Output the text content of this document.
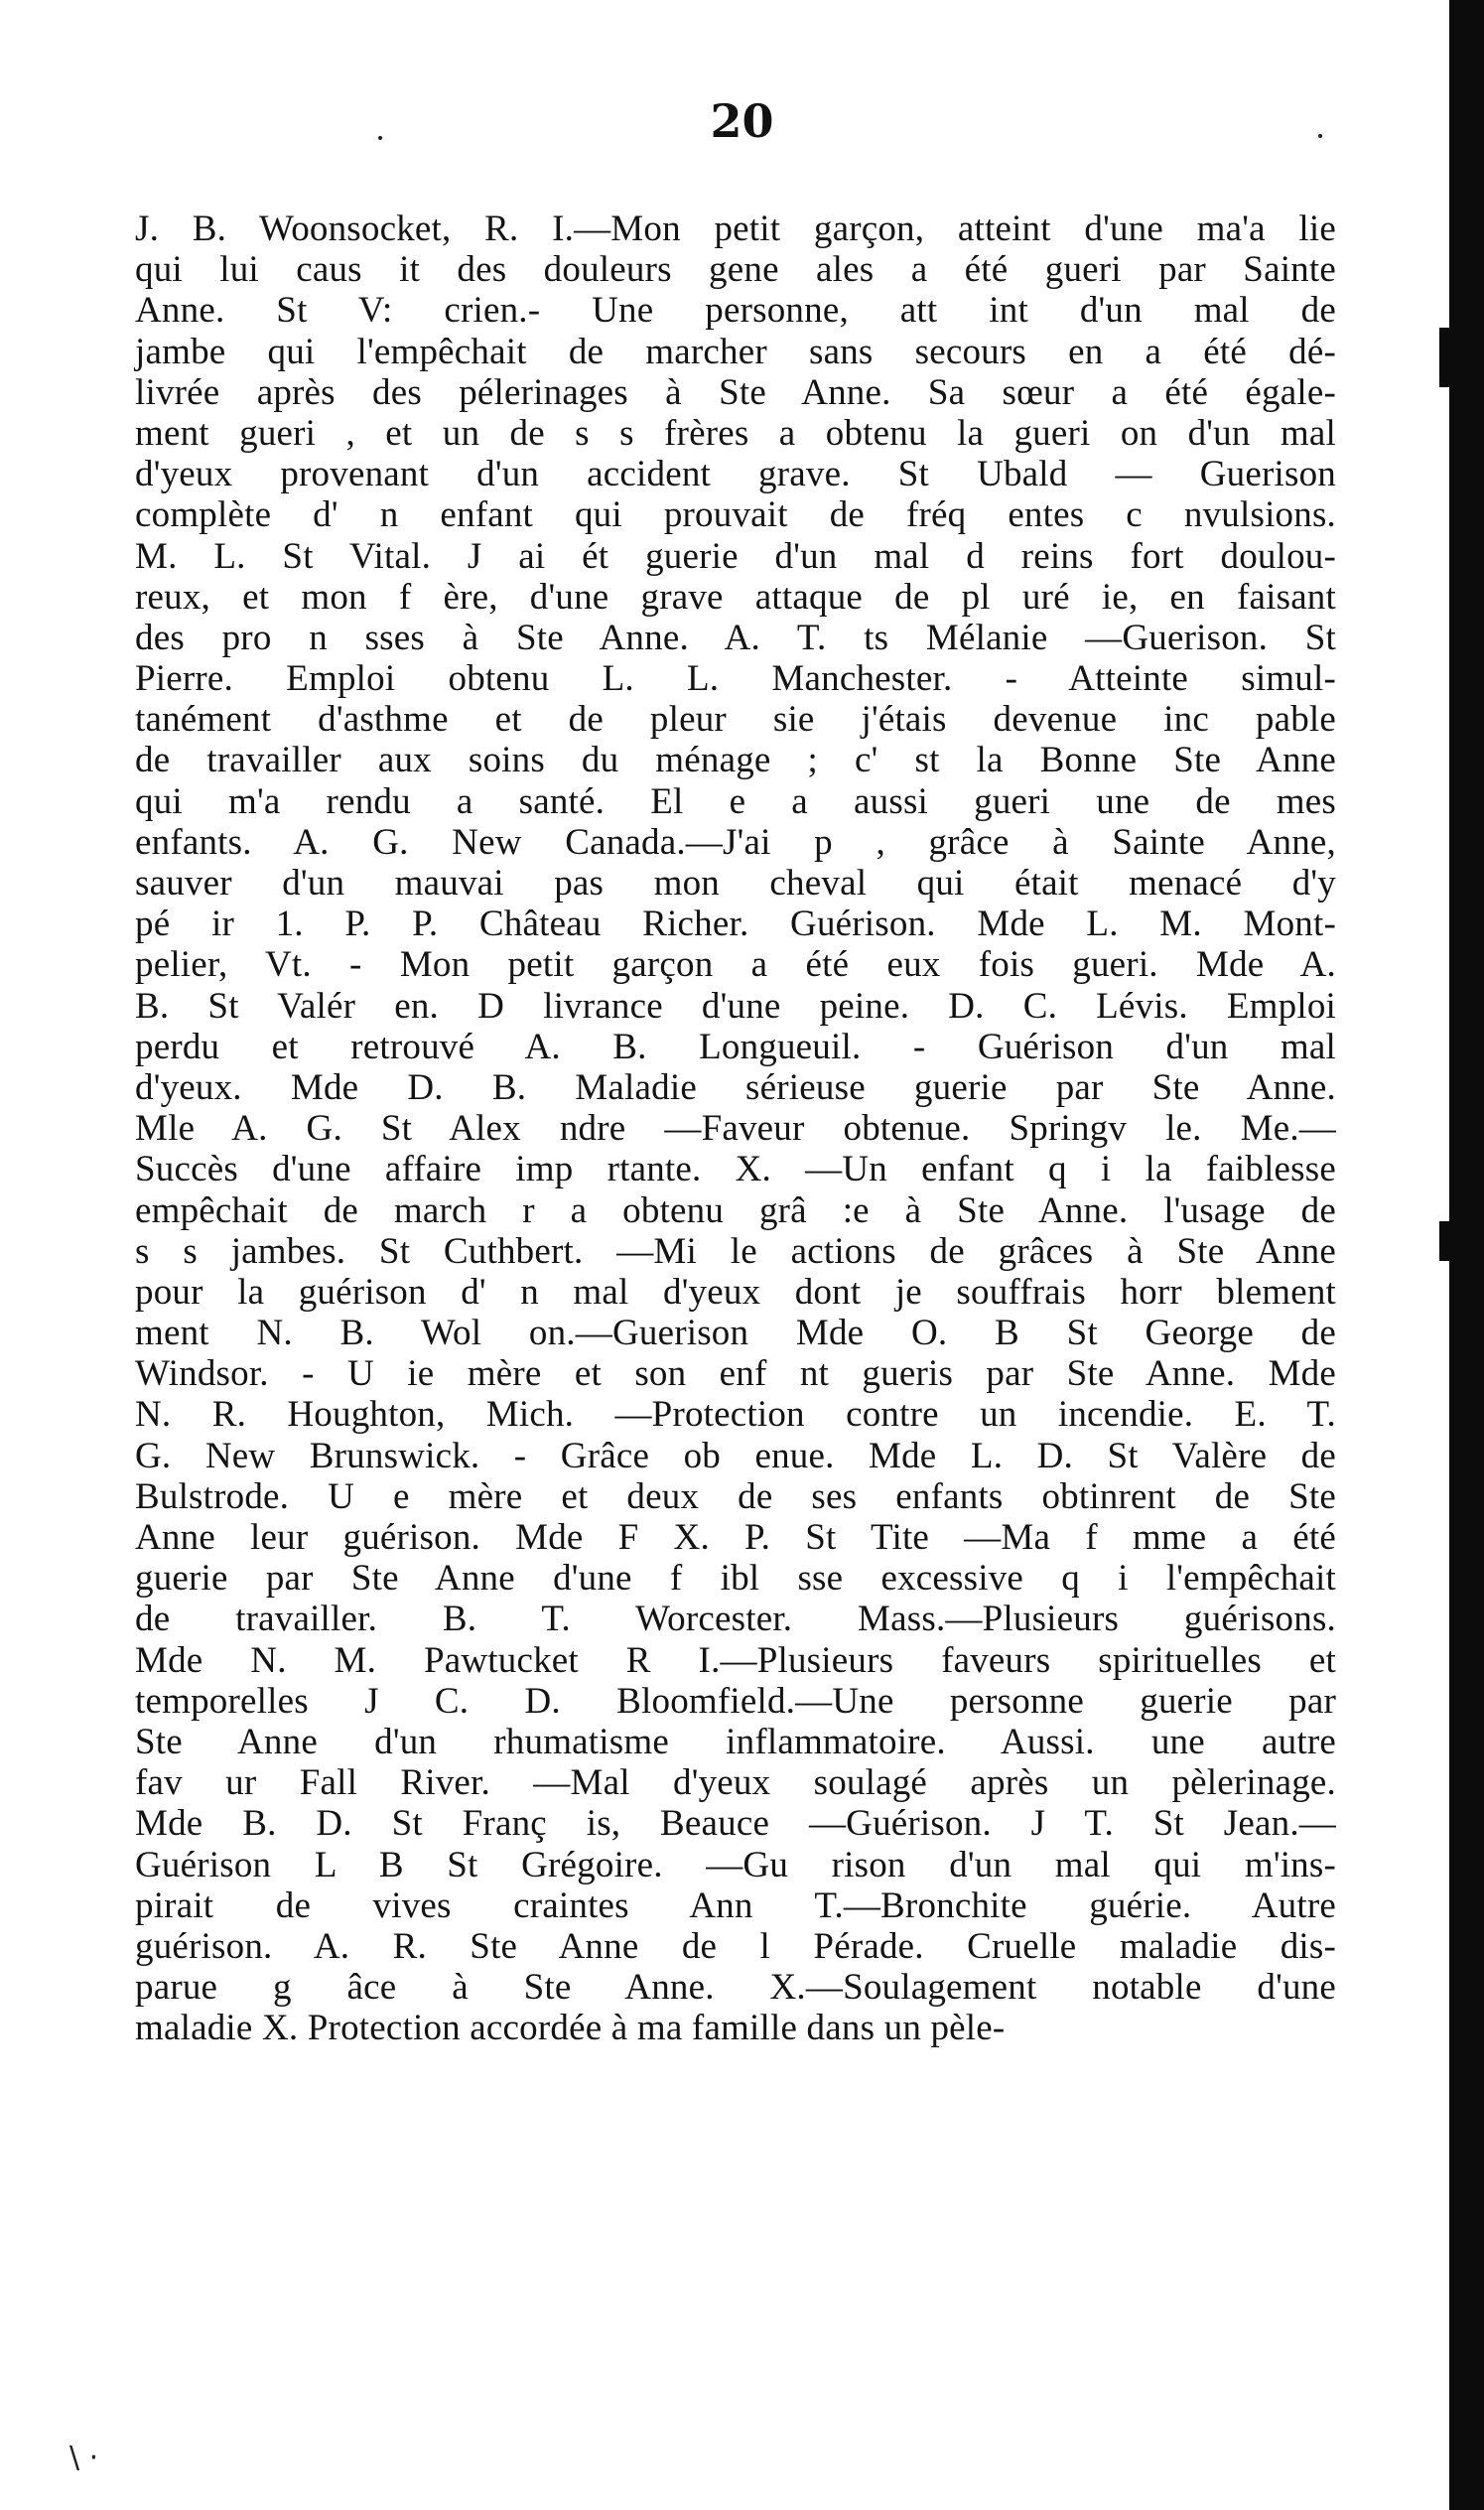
·	20	·
J. B. Woonsocket, R. I.—Mon petit garçon, atteint d'une ma'a lie
qui lui caus it des douleurs gene ales a été gueri par Sainte
Anne. St V: crien.- Une personne, att int d'un mal de
jambe qui l'empêchait de marcher sans secours en a été dé-
livrée après des pélerinages à Ste Anne. Sa sœur a été égale-
ment gueri , et un de s s frères a obtenu la gueri on d'un mal
d'yeux provenant d'un accident grave. St Ubald — Guerison
complète d' n enfant qui prouvait de fréq entes c nvulsions.
M. L. St Vital. J ai ét guerie d'un mal d reins fort doulou-
reux, et mon f ère, d'une grave attaque de pl uré ie, en faisant
des pro n sses à Ste Anne. A. T. ts Mélanie —Guerison. St
Pierre. Emploi obtenu L. L. Manchester. - Atteinte simul-
tanément d'asthme et de pleur sie j'étais devenue inc pable
de travailler aux soins du ménage ; c' st la Bonne Ste Anne
qui m'a rendu a santé. El e a aussi gueri une de mes
enfants. A. G. New Canada.—J'ai p , grâce à Sainte Anne,
sauver d'un mauvai pas mon cheval qui était menacé d'y
pé ir 1. P. P. Château Richer. Guérison. Mde L. M. Mont-
pelier, Vt. - Mon petit garçon a été eux fois gueri. Mde A.
B. St Valér en. D livrance d'une peine. D. C. Lévis. Emploi
perdu et retrouvé A. B. Longueuil. - Guérison d'un mal
d'yeux. Mde D. B. Maladie sérieuse guerie par Ste Anne.
Mle A. G. St Alex ndre —Faveur obtenue. Springv le. Me.—
Succès d'une affaire imp rtante. X. —Un enfant q i la faiblesse
empêchait de march r a obtenu grâ :e à Ste Anne. l'usage de
s s jambes. St Cuthbert. —Mi le actions de grâces à Ste Anne
pour la guérison d' n mal d'yeux dont je souffrais horr blement
ment N. B. Wol on.—Guerison Mde O. B St George de
Windsor. - U ie mère et son enf nt gueris par Ste Anne. Mde
N. R. Houghton, Mich. —Protection contre un incendie. E. T.
G. New Brunswick. - Grâce ob enue. Mde L. D. St Valère de
Bulstrode. U e mère et deux de ses enfants obtinrent de Ste
Anne leur guérison. Mde F X. P. St Tite —Ma f mme a été
guerie par Ste Anne d'une f ibl sse excessive q i l'empêchait
de travailler. B. T. Worcester. Mass.—Plusieurs guérisons.
Mde N. M. Pawtucket R I.—Plusieurs faveurs spirituelles et
temporelles J C. D. Bloomfield.—Une personne guerie par
Ste Anne d'un rhumatisme inflammatoire. Aussi. une autre
fav ur Fall River. —Mal d'yeux soulagé après un pèlerinage.
Mde B. D. St Franç is, Beauce —Guérison. J T. St Jean.—
Guérison L B St Grégoire. —Gu rison d'un mal qui m'ins-
pirait de vives craintes Ann T.—Bronchite guérie. Autre
guérison. A. R. Ste Anne de l Pérade. Cruelle maladie dis-
parue g âce à Ste Anne. X.—Soulagement notable d'une
maladie X. Protection accordée à ma famille dans un pèle-
\ ·
